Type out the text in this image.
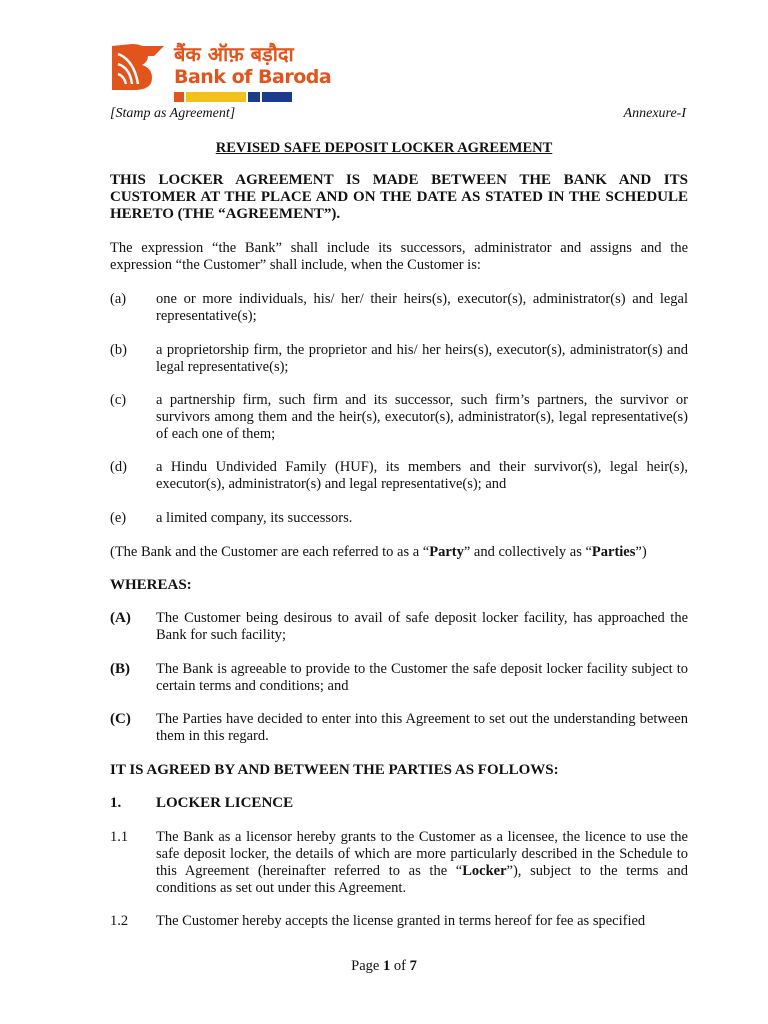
बैंक ऑफ़ बड़ौदा
Bank of Baroda
[Stamp as Agreement]	Annexure-I
REVISED SAFE DEPOSIT LOCKER AGREEMENT
THIS LOCKER AGREEMENT IS MADE BETWEEN THE BANK AND ITS CUSTOMER AT THE PLACE AND ON THE DATE AS STATED IN THE SCHEDULE HERETO (THE “AGREEMENT”).
The expression “the Bank” shall include its successors, administrator and assigns and the expression “the Customer” shall include, when the Customer is:
(a) one or more individuals, his/ her/ their heirs(s), executor(s), administrator(s) and legal representative(s);
(b) a proprietorship firm, the proprietor and his/ her heirs(s), executor(s), administrator(s) and legal representative(s);
(c) a partnership firm, such firm and its successor, such firm’s partners, the survivor or survivors among them and the heir(s), executor(s), administrator(s), legal representative(s) of each one of them;
(d) a Hindu Undivided Family (HUF), its members and their survivor(s), legal heir(s), executor(s), administrator(s) and legal representative(s); and
(e) a limited company, its successors.
(The Bank and the Customer are each referred to as a “Party” and collectively as “Parties”)
WHEREAS:
(A) The Customer being desirous to avail of safe deposit locker facility, has approached the Bank for such facility;
(B) The Bank is agreeable to provide to the Customer the safe deposit locker facility subject to certain terms and conditions; and
(C) The Parties have decided to enter into this Agreement to set out the understanding between them in this regard.
IT IS AGREED BY AND BETWEEN THE PARTIES AS FOLLOWS:
1. LOCKER LICENCE
1.1 The Bank as a licensor hereby grants to the Customer as a licensee, the licence to use the safe deposit locker, the details of which are more particularly described in the Schedule to this Agreement (hereinafter referred to as the “Locker”), subject to the terms and conditions as set out under this Agreement.
1.2 The Customer hereby accepts the license granted in terms hereof for fee as specified
Page 1 of 7
